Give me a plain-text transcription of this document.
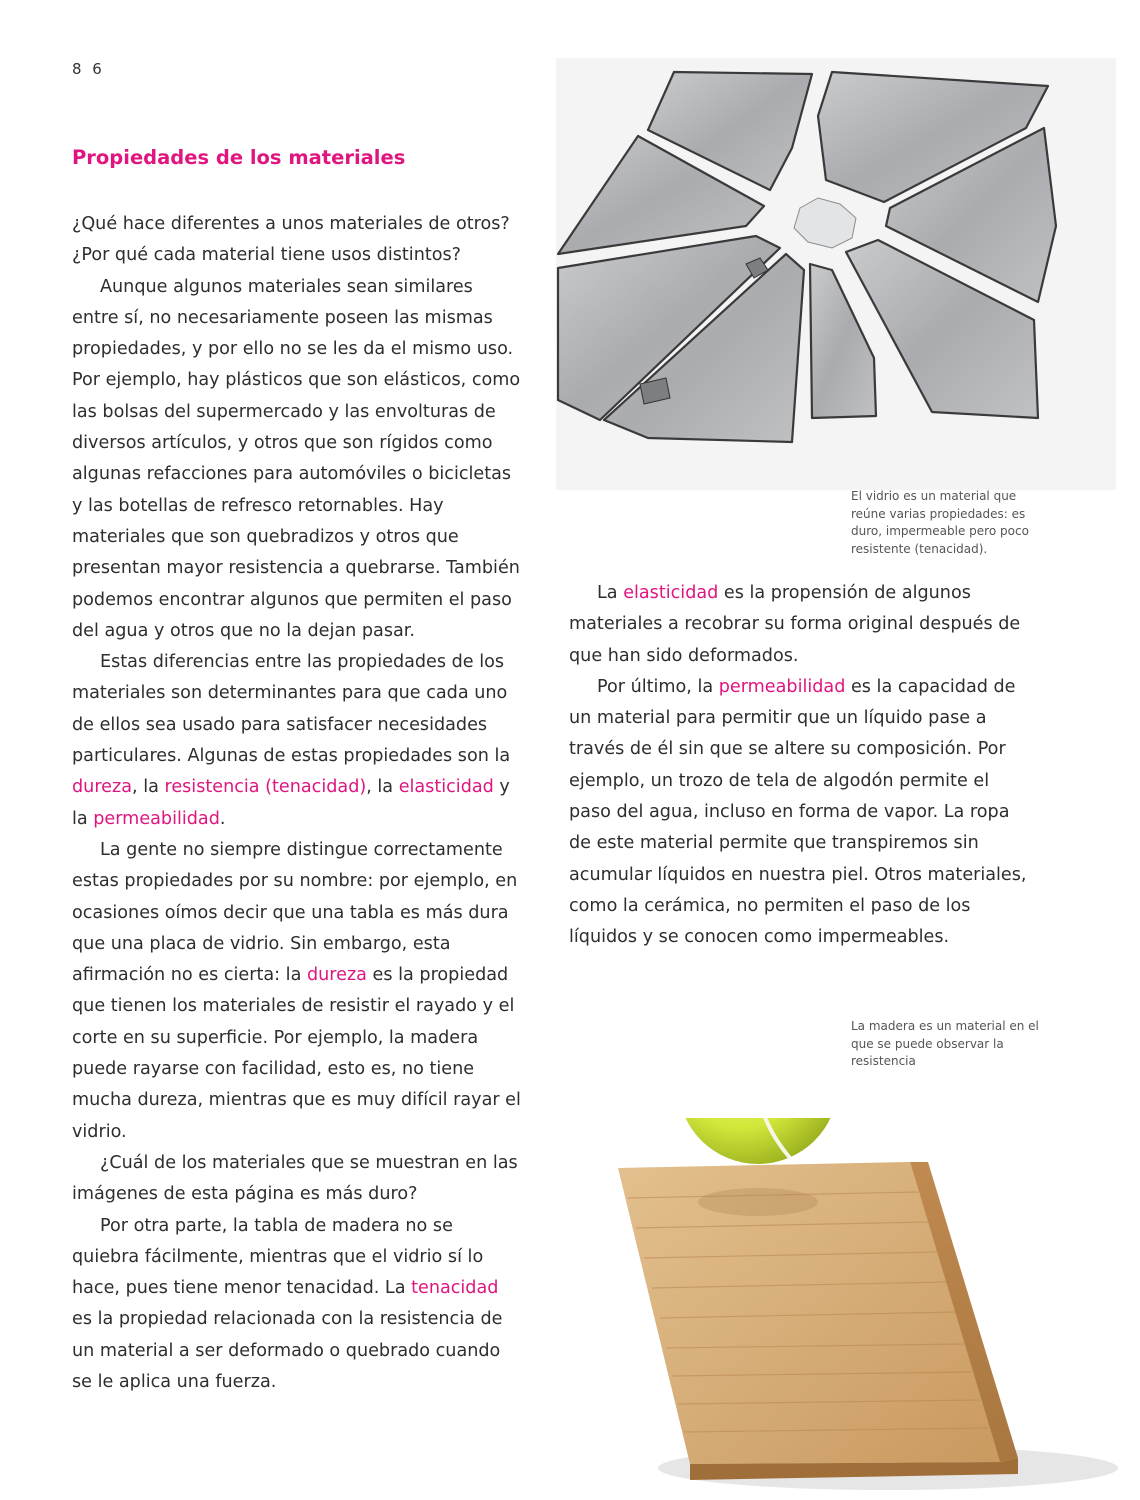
8 6
Propiedades de los materiales

¿Qué hace diferentes a unos materiales de otros? ¿Por qué cada material tiene usos distintos?

Aunque algunos materiales sean similares entre sí, no necesariamente poseen las mismas propiedades, y por ello no se les da el mismo uso. Por ejemplo, hay plásticos que son elásticos, como las bolsas del supermercado y las envolturas de diversos artículos, y otros que son rígidos como algunas refacciones para automóviles o bicicletas y las botellas de refresco retornables. Hay materiales que son quebradizos y otros que presentan mayor resistencia a quebrarse. También podemos encontrar algunos que permiten el paso del agua y otros que no la dejan pasar.

Estas diferencias entre las propiedades de los materiales son determinantes para que cada uno de ellos sea usado para satisfacer necesidades particulares. Algunas de estas propiedades son la dureza, la resistencia (tenacidad), la elasticidad y la permeabilidad.

La gente no siempre distingue correctamente estas propiedades por su nombre: por ejemplo, en ocasiones oímos decir que una tabla es más dura que una placa de vidrio. Sin embargo, esta afirmación no es cierta: la dureza es la propiedad que tienen los materiales de resistir el rayado y el corte en su superficie. Por ejemplo, la madera puede rayarse con facilidad, esto es, no tiene mucha dureza, mientras que es muy difícil rayar el vidrio.

¿Cuál de los materiales que se muestran en las imágenes de esta página es más duro?

Por otra parte, la tabla de madera no se quiebra fácilmente, mientras que el vidrio sí lo hace, pues tiene menor tenacidad. La tenacidad es la propiedad relacionada con la resistencia de un material a ser deformado o quebrado cuando se le aplica una fuerza.

El vidrio es un material que reúne varias propiedades: es duro, impermeable pero poco resistente (tenacidad).

La elasticidad es la propensión de algunos materiales a recobrar su forma original después de que han sido deformados.

Por último, la permeabilidad es la capacidad de un material para permitir que un líquido pase a través de él sin que se altere su composición. Por ejemplo, un trozo de tela de algodón permite el paso del agua, incluso en forma de vapor. La ropa de este material permite que transpiremos sin acumular líquidos en nuestra piel. Otros materiales, como la cerámica, no permiten el paso de los líquidos y se conocen como impermeables.

La madera es un material en el que se puede observar la resistencia
